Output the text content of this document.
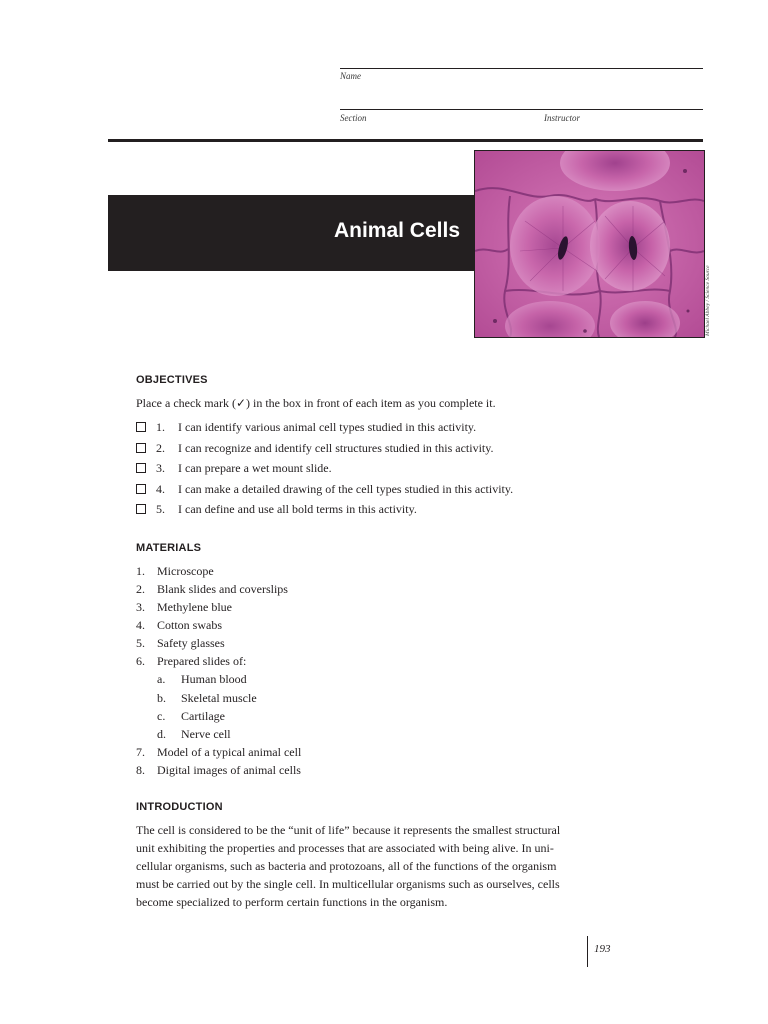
Name
Section	Instructor
Animal Cells
Michael Abbey / Science Source
OBJECTIVES
Place a check mark (✓) in the box in front of each item as you complete it.
1.	I can identify various animal cell types studied in this activity.
2.	I can recognize and identify cell structures studied in this activity.
3.	I can prepare a wet mount slide.
4.	I can make a detailed drawing of the cell types studied in this activity.
5.	I can define and use all bold terms in this activity.
MATERIALS
1. Microscope
2. Blank slides and coverslips
3. Methylene blue
4. Cotton swabs
5. Safety glasses
6. Prepared slides of:
a. Human blood
b. Skeletal muscle
c. Cartilage
d. Nerve cell
7. Model of a typical animal cell
8. Digital images of animal cells
INTRODUCTION
The cell is considered to be the “unit of life” because it represents the smallest structural
unit exhibiting the properties and processes that are associated with being alive. In uni-
cellular organisms, such as bacteria and protozoans, all of the functions of the organism
must be carried out by the single cell. In multicellular organisms such as ourselves, cells
become specialized to perform certain functions in the organism.
193
